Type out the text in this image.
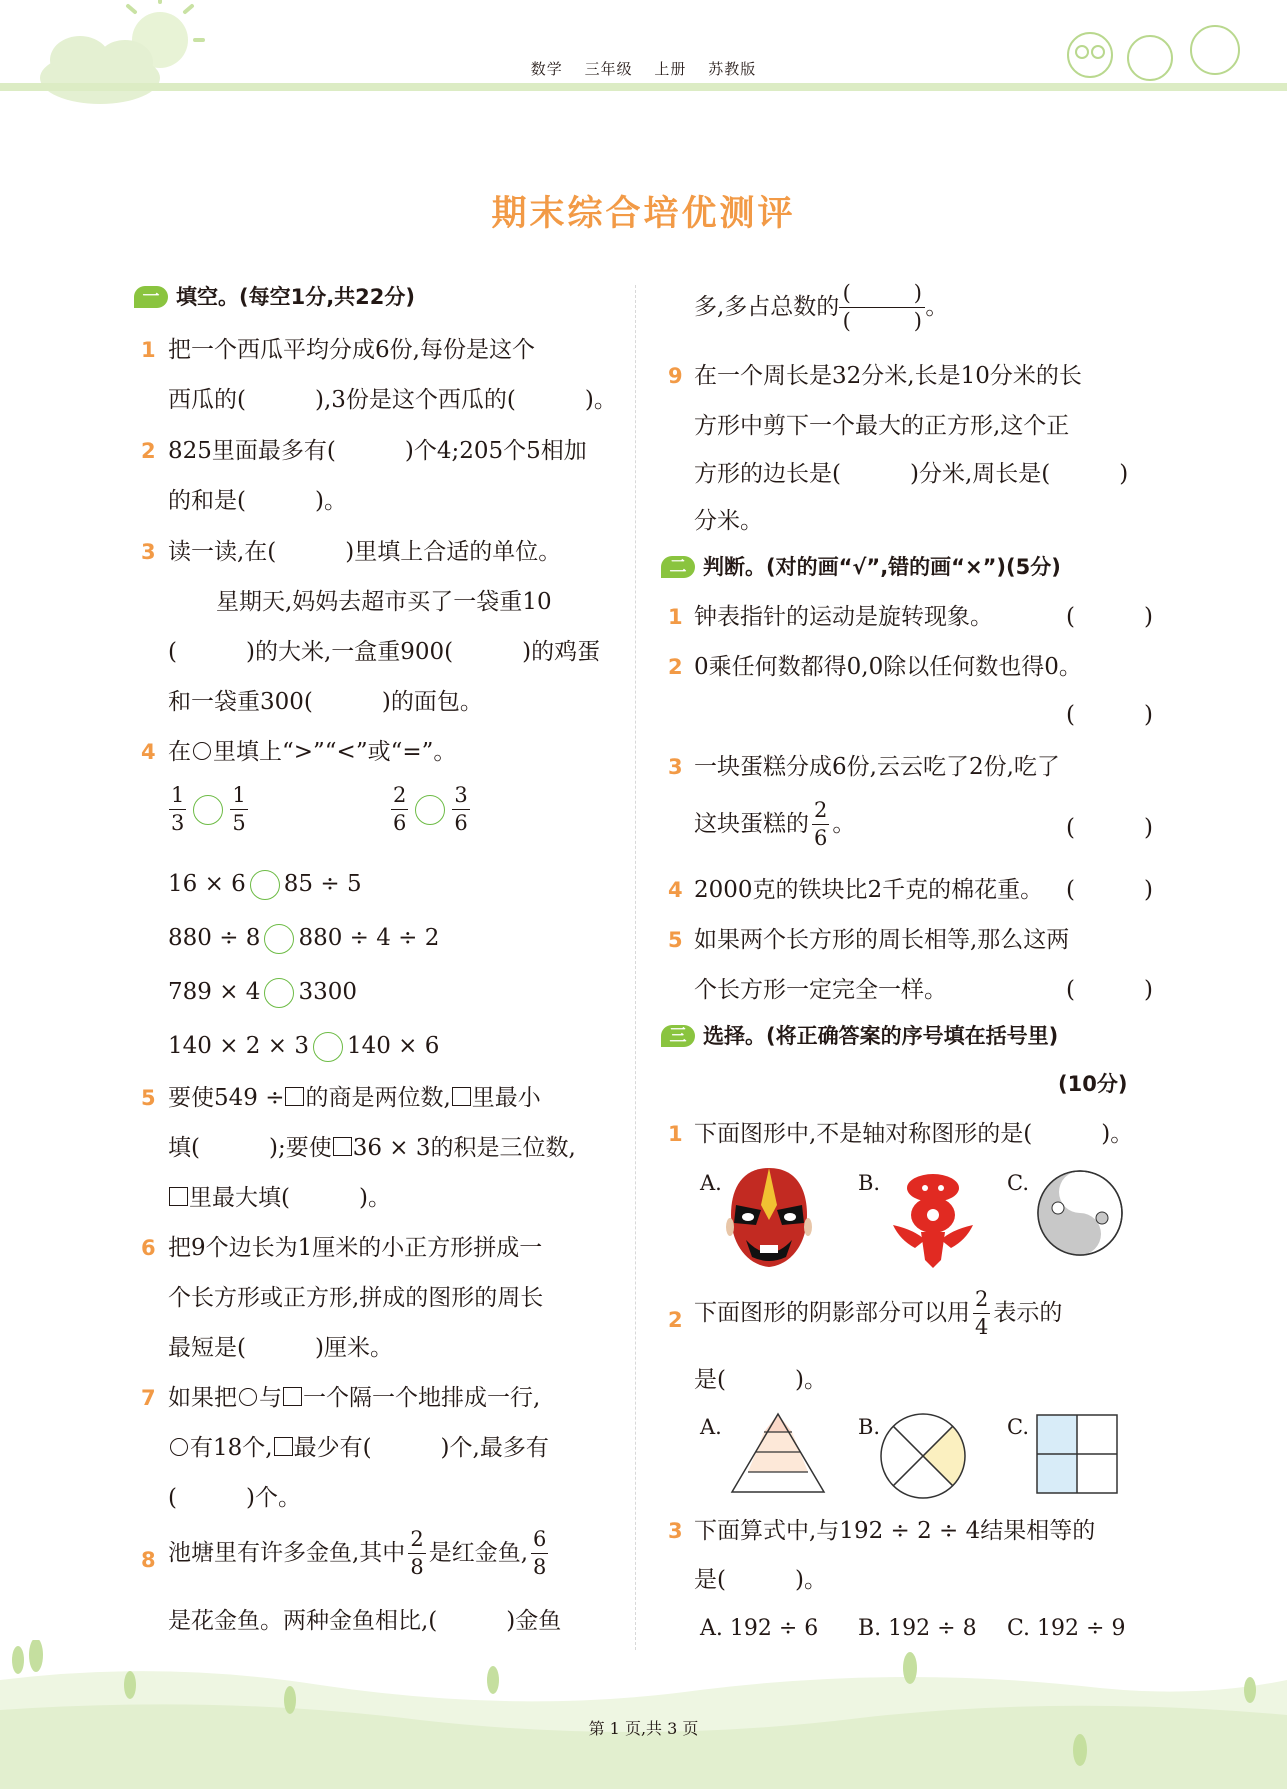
数学 三年级 上册 苏教版
期末综合培优测评
一 填空。(每空1分,共22分)
1 把一个西瓜平均分成6份,每份是这个
西瓜的(　　　),3份是这个西瓜的(　　　)。
2 825里面最多有(　　　)个4;205个5相加
的和是(　　　)。
3 读一读,在(　　　)里填上合适的单位。
星期天,妈妈去超市买了一袋重10
(　　　)的大米,一盒重900(　　　)的鸡蛋
和一袋重300(　　　)的面包。
4 在 里填上“>”“<”或“=”。
$\frac{1}{3} \frac{1}{5}$	$\frac{2}{6} \frac{3}{6}$
16 × 6 85 ÷ 5
880 ÷ 8 880 ÷ 4 ÷ 2
789 × 4 3300
140 × 2 × 3 140 × 6
5 要使549 ÷ 的商是两位数, 里最小
填(　　　);要使 36 × 3的积是三位数,
里最大填(　　　)。
6 把9个边长为1厘米的小正方形拼成一
个长方形或正方形,拼成的图形的周长
最短是(　　　)厘米。
7 如果把 与 一个隔一个地排成一行,
有18个, 最少有(　　　)个,最多有
(　　　)个。
8 池塘里有许多金鱼,其中 $\frac{2}{8}$ 是红金鱼, $\frac{6}{8}$
是花金鱼。两种金鱼相比,(　　　)金鱼
多,多占总数的
(　　　)
(　　　)
。
9 在一个周长是32分米,长是10分米的长
方形中剪下一个最大的正方形,这个正
方形的边长是(　　　)分米,周长是(　　　)
分米。
二 判断。(对的画“√”,错的画“×”)(5分)
1 钟表指针的运动是旋转现象。	(　　　)
2 0乘任何数都得0,0除以任何数也得0。
(　　　)
3 一块蛋糕分成6份,云云吃了2份,吃了
这块蛋糕的 $\frac{2}{6}$ 。	(　　　)
4 2000克的铁块比2千克的棉花重。 (　　　)
5 如果两个长方形的周长相等,那么这两
个长方形一定完全一样。	(　　　)
三 选择。(将正确答案的序号填在括号里)
(10分)
1 下面图形中,不是轴对称图形的是(　　　)。
A.	B.	C.
2 下面图形的阴影部分可以用 $\frac{2}{4}$ 表示的
是(　　　)。
A.	B.	C.
3 下面算式中,与192 ÷ 2 ÷ 4结果相等的
是(　　　)。
A. 192 ÷ 6 B. 192 ÷ 8 C. 192 ÷ 9
第 1 页,共 3 页
